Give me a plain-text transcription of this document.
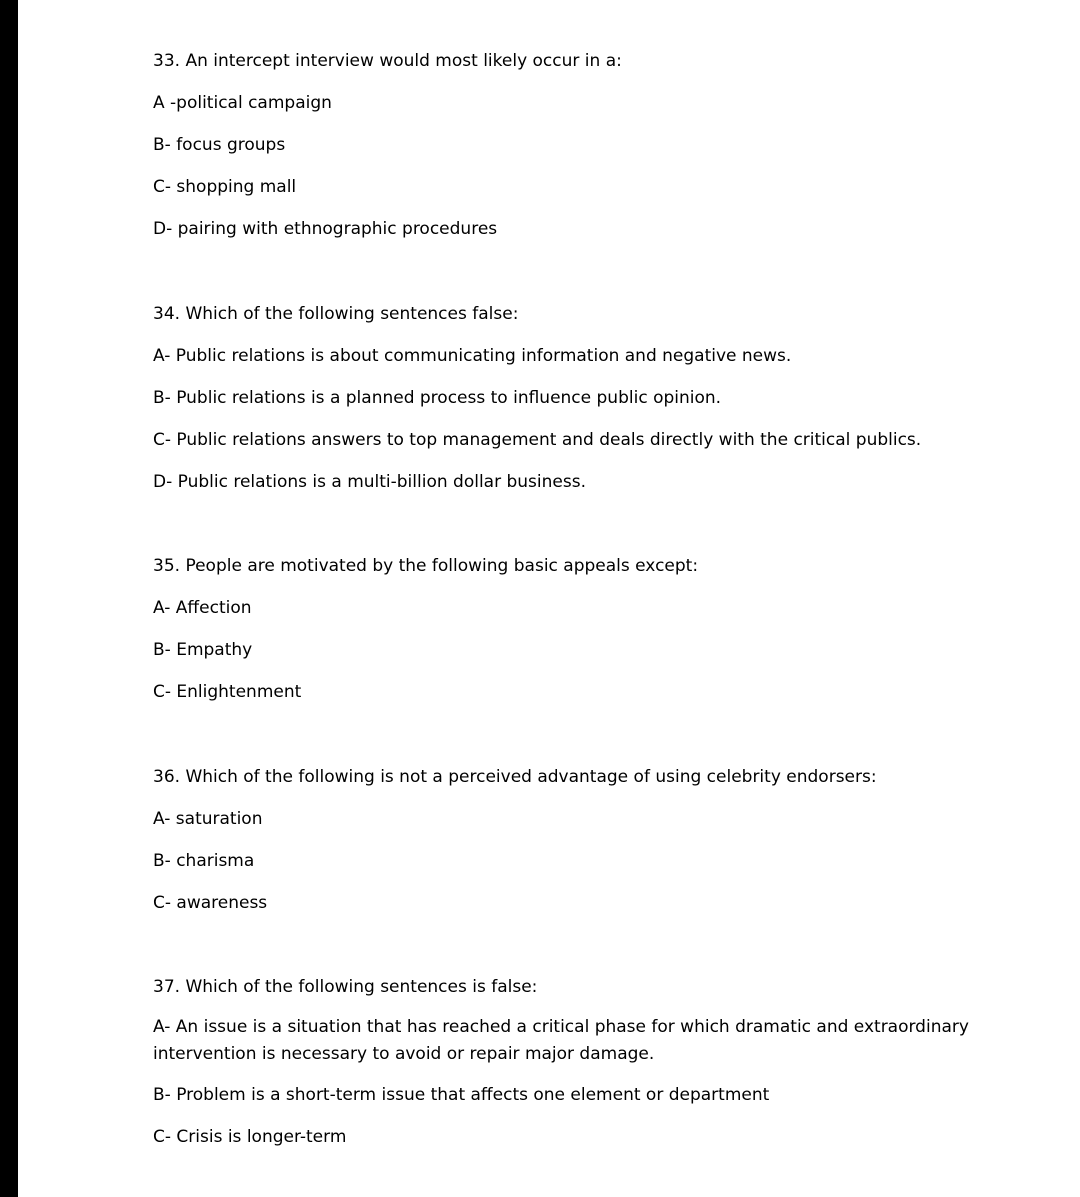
33. An intercept interview would most likely occur in a:
A -political campaign
B- focus groups
C- shopping mall
D- pairing with ethnographic procedures
34. Which of the following sentences false:
A- Public relations is about communicating information and negative news.
B- Public relations is a planned process to influence public opinion.
C- Public relations answers to top management and deals directly with the critical publics.
D- Public relations is a multi-billion dollar business.
35. People are motivated by the following basic appeals except:
A- Affection
B- Empathy
C- Enlightenment
36. Which of the following is not a perceived advantage of using celebrity endorsers:
A- saturation
B- charisma
C- awareness
37. Which of the following sentences is false:
A- An issue is a situation that has reached a critical phase for which dramatic and extraordinary intervention is necessary to avoid or repair major damage.
B- Problem is a short-term issue that affects one element or department
C- Crisis is longer-term
